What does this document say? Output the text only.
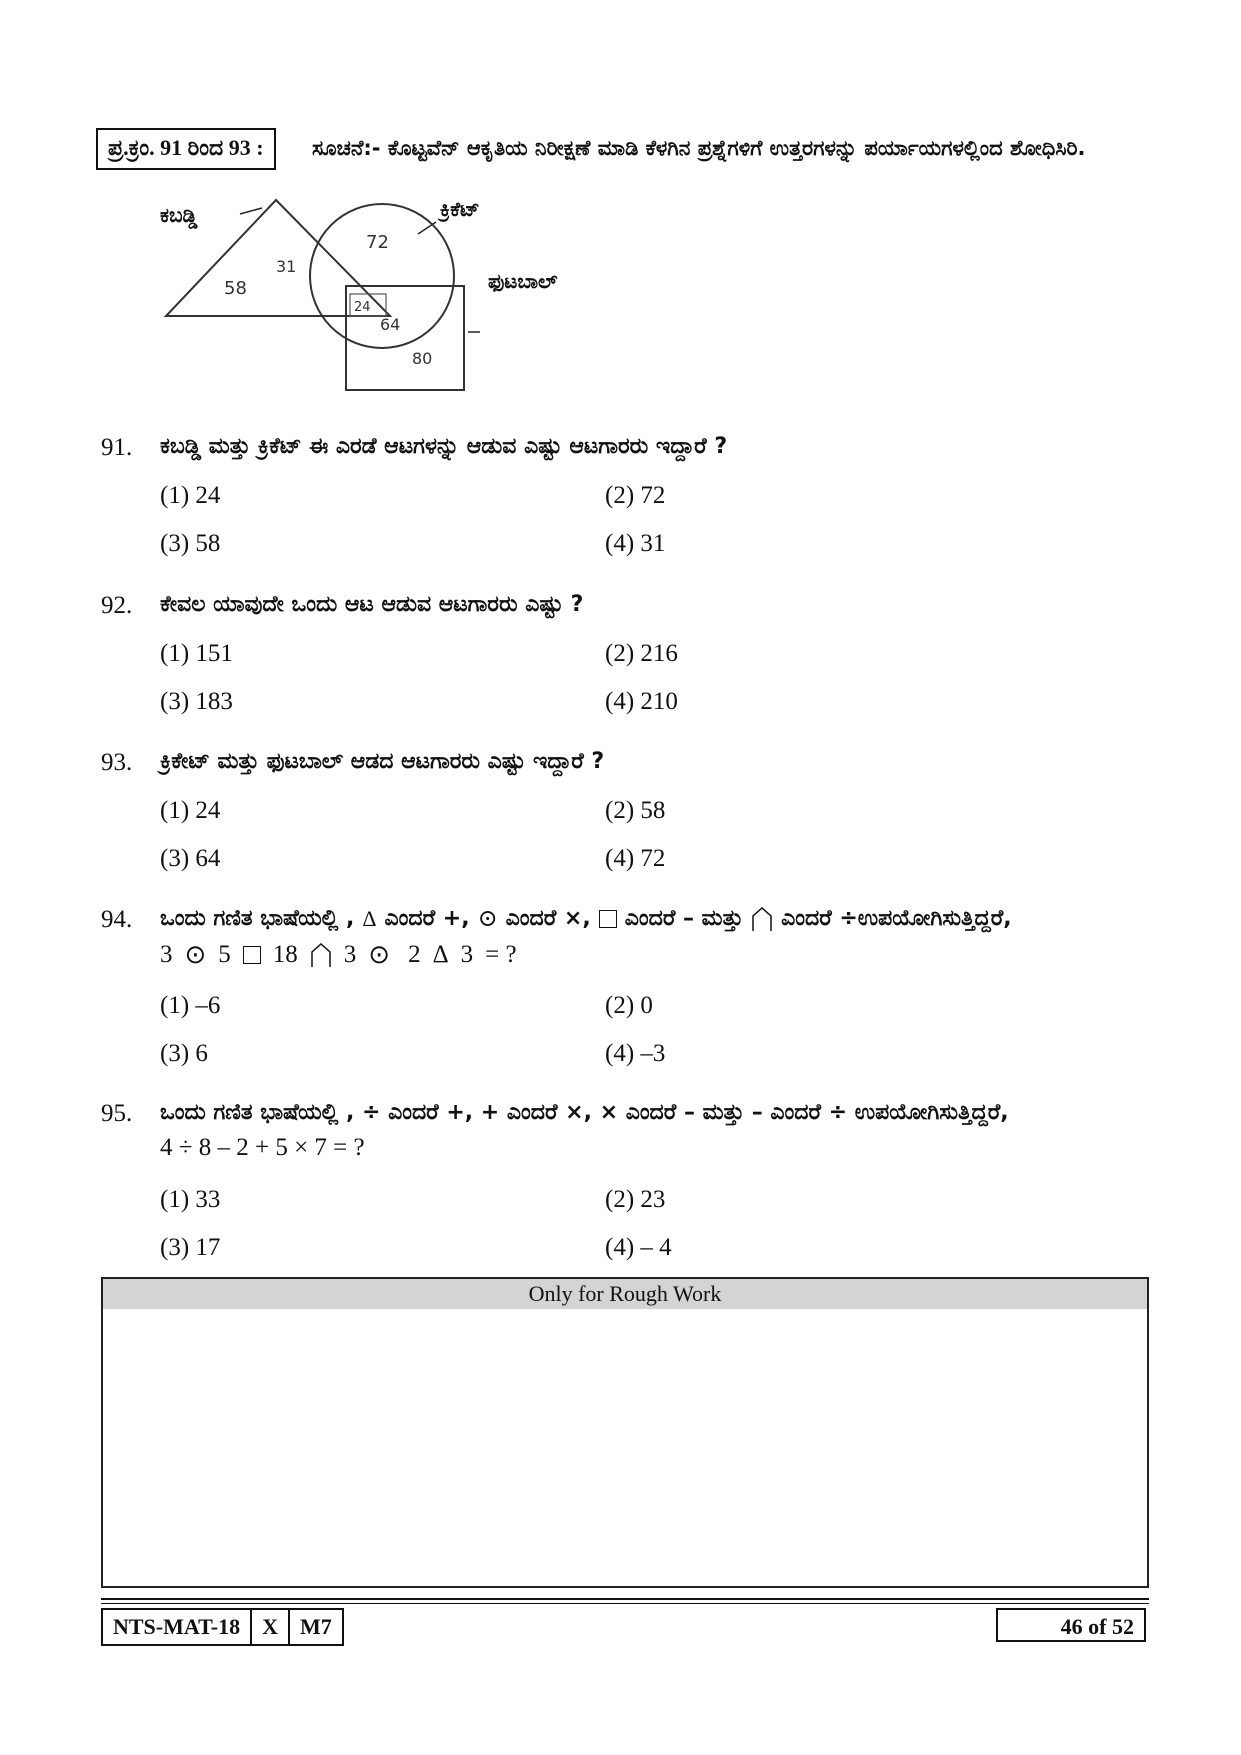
ಪ್ರ.ಕ್ರಂ. 91 ರಿಂದ 93 :	ಸೂಚನೆ:- ಕೊಟ್ಟವೆನ್ ಆಕೃತಿಯ ನಿರೀಕ್ಷಣೆ ಮಾಡಿ ಕೆಳಗಿನ ಪ್ರಶ್ನೆಗಳಿಗೆ ಉತ್ತರಗಳನ್ನು ಪರ್ಯಾಯಗಳಲ್ಲಿಂದ ಶೋಧಿಸಿರಿ.
ಕಬಡ್ಡಿ	ಕ್ರಿಕೆಟ್
ಫುಟಬಾಲ್
58
31
24
72
64
80
91. ಕಬಡ್ಡಿ ಮತ್ತು ಕ್ರಿಕೆಟ್ ಈ ಎರಡೆ ಆಟಗಳನ್ನು ಆಡುವ ಎಷ್ಟು ಆಟಗಾರರು ಇದ್ದಾರೆ ?
(1) 24	(2) 72
(3) 58	(4) 31
92. ಕೇವಲ ಯಾವುದೇ ಒಂದು ಆಟ ಆಡುವ ಆಟಗಾರರು ಎಷ್ಟು ?
(1) 151	(2) 216
(3) 183	(4) 210
93. ಕ್ರಿಕೇಟ್ ಮತ್ತು ಫುಟಬಾಲ್ ಆಡದ ಆಟಗಾರರು ಎಷ್ಟು ಇದ್ದಾರೆ ?
(1) 24	(2) 58
(3) 64	(4) 72
94. ಒಂದು ಗಣಿತ ಭಾಷೆಯಲ್ಲಿ , Δ ಎಂದರೆ +, ⊙ ಎಂದರೆ ×, ಎಂದರೆ – ಮತ್ತು ಎಂದರೆ ÷ಉಪಯೋಗಿಸುತ್ತಿದ್ದರೆ,
3 ⊙ 5 18 3 ⊙ 2 Δ 3 = ?
(1) –6	(2) 0
(3) 6	(4) –3
95. ಒಂದು ಗಣಿತ ಭಾಷೆಯಲ್ಲಿ , ÷ ಎಂದರೆ +, + ಎಂದರೆ ×, × ಎಂದರೆ – ಮತ್ತು – ಎಂದರೆ ÷ ಉಪಯೋಗಿಸುತ್ತಿದ್ದರೆ,
4 ÷ 8 – 2 + 5 × 7 = ?
(1) 33	(2) 23
(3) 17	(4) – 4
Only for Rough Work
NTS-MAT-18	X	M7	46 of 52
